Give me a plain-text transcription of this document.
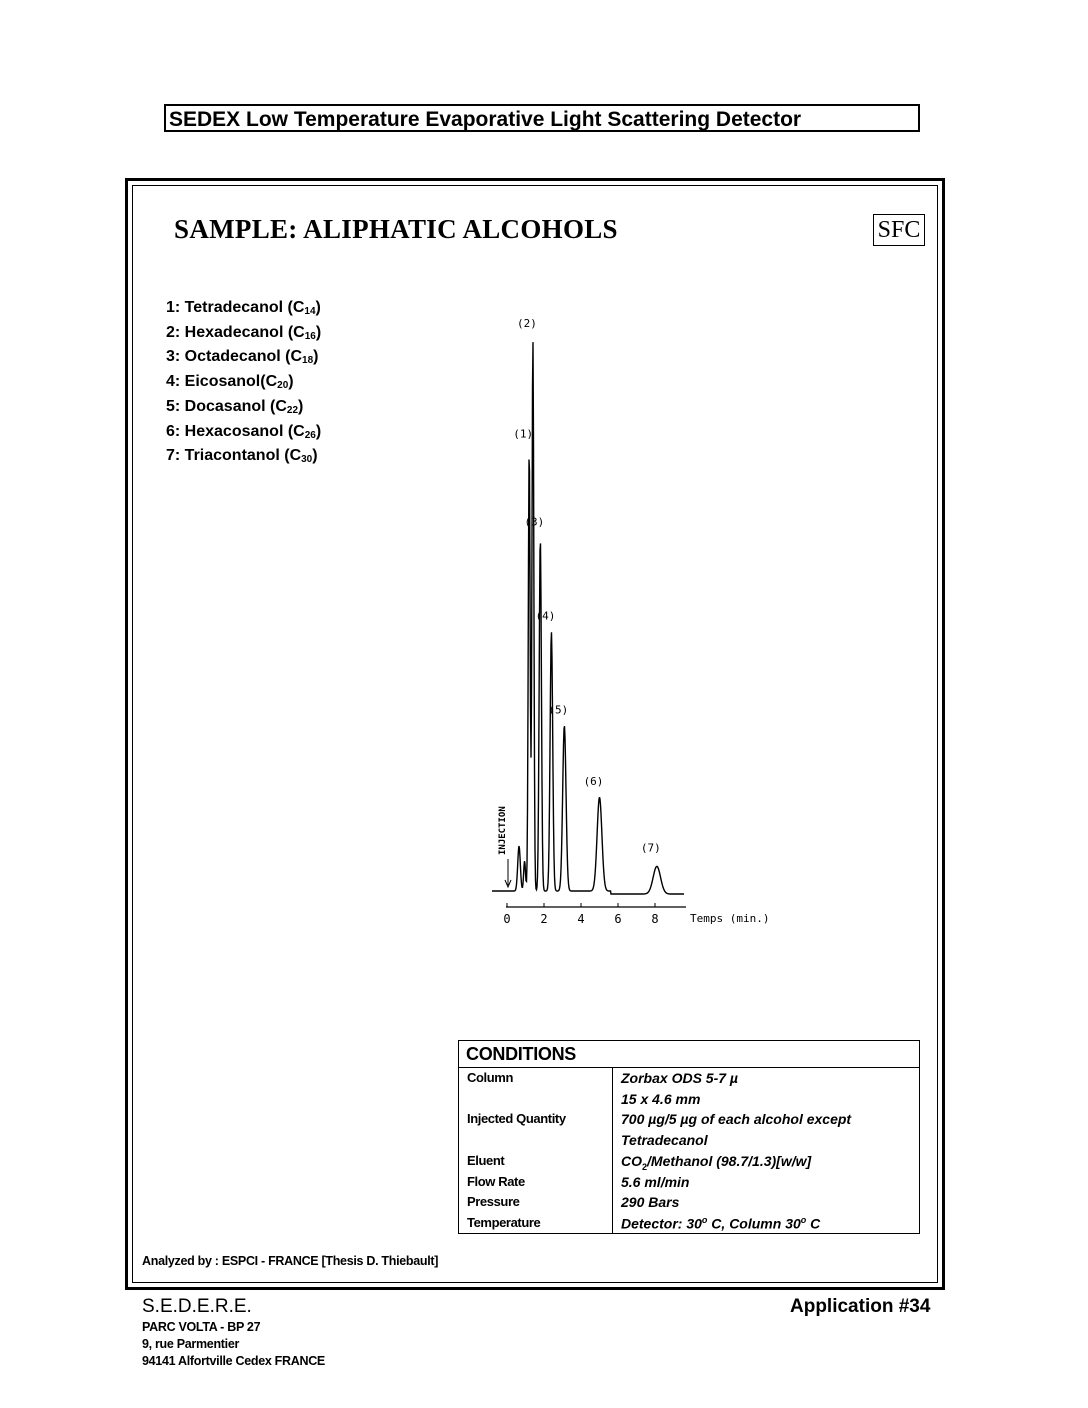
SEDEX Low Temperature Evaporative Light Scattering Detector
SAMPLE: ALIPHATIC ALCOHOLS	SFC
1: Tetradecanol $(C_{14})$
2: Hexadecanol $(C_{16})$
3: Octadecanol $(C_{18})$
4: $Eicosanol(C_{20})$
5: Docasanol $(C_{22})$
6: Hexacosanol $(C_{26})$
7: Triacontanol $(C_{30})$
(1)
(2)
(3)
(4)
(5)
(6)
(7)
0 2 4 6 8	Temps (min.)
INJECTION
CONDITIONS
Column	Zorbax ODS 5-7 µ
15 x 4.6 mm
Injected Quantity	700 µg/5 µg of each alcohol except
Tetradecanol
Eluent	$CO_2$/Methanol (98.7/1.3)[w/w]
Flow Rate	5.6 ml/min
Pressure	290 Bars
Temperature	Detector: 30$^o$ C, Column 30$^o$ C
Analyzed by : ESPCI - FRANCE [Thesis D. Thiebault]
S.E.D.E.R.E.
PARC VOLTA - BP 27
9, rue Parmentier
94141 Alfortville Cedex FRANCE
Application #34
